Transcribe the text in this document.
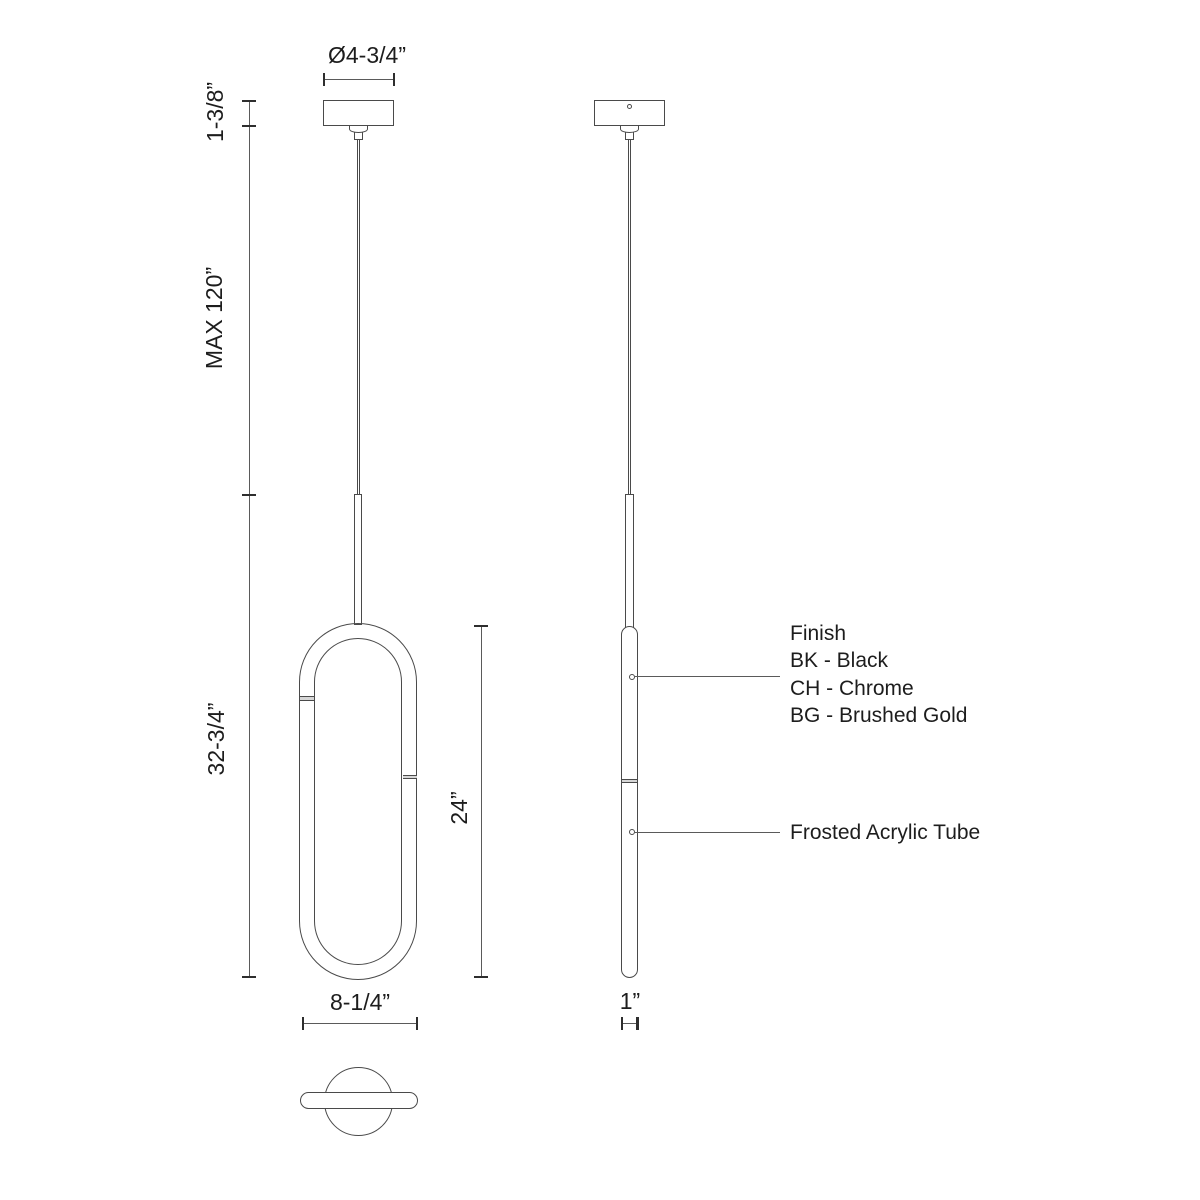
Finish
BK - Black
CH - Chrome
BG - Brushed Gold
Frosted Acrylic Tube
Ø4-3/4”
1-3/8”
MAX 120”
32-3/4”
24”
8-1/4”	1”
